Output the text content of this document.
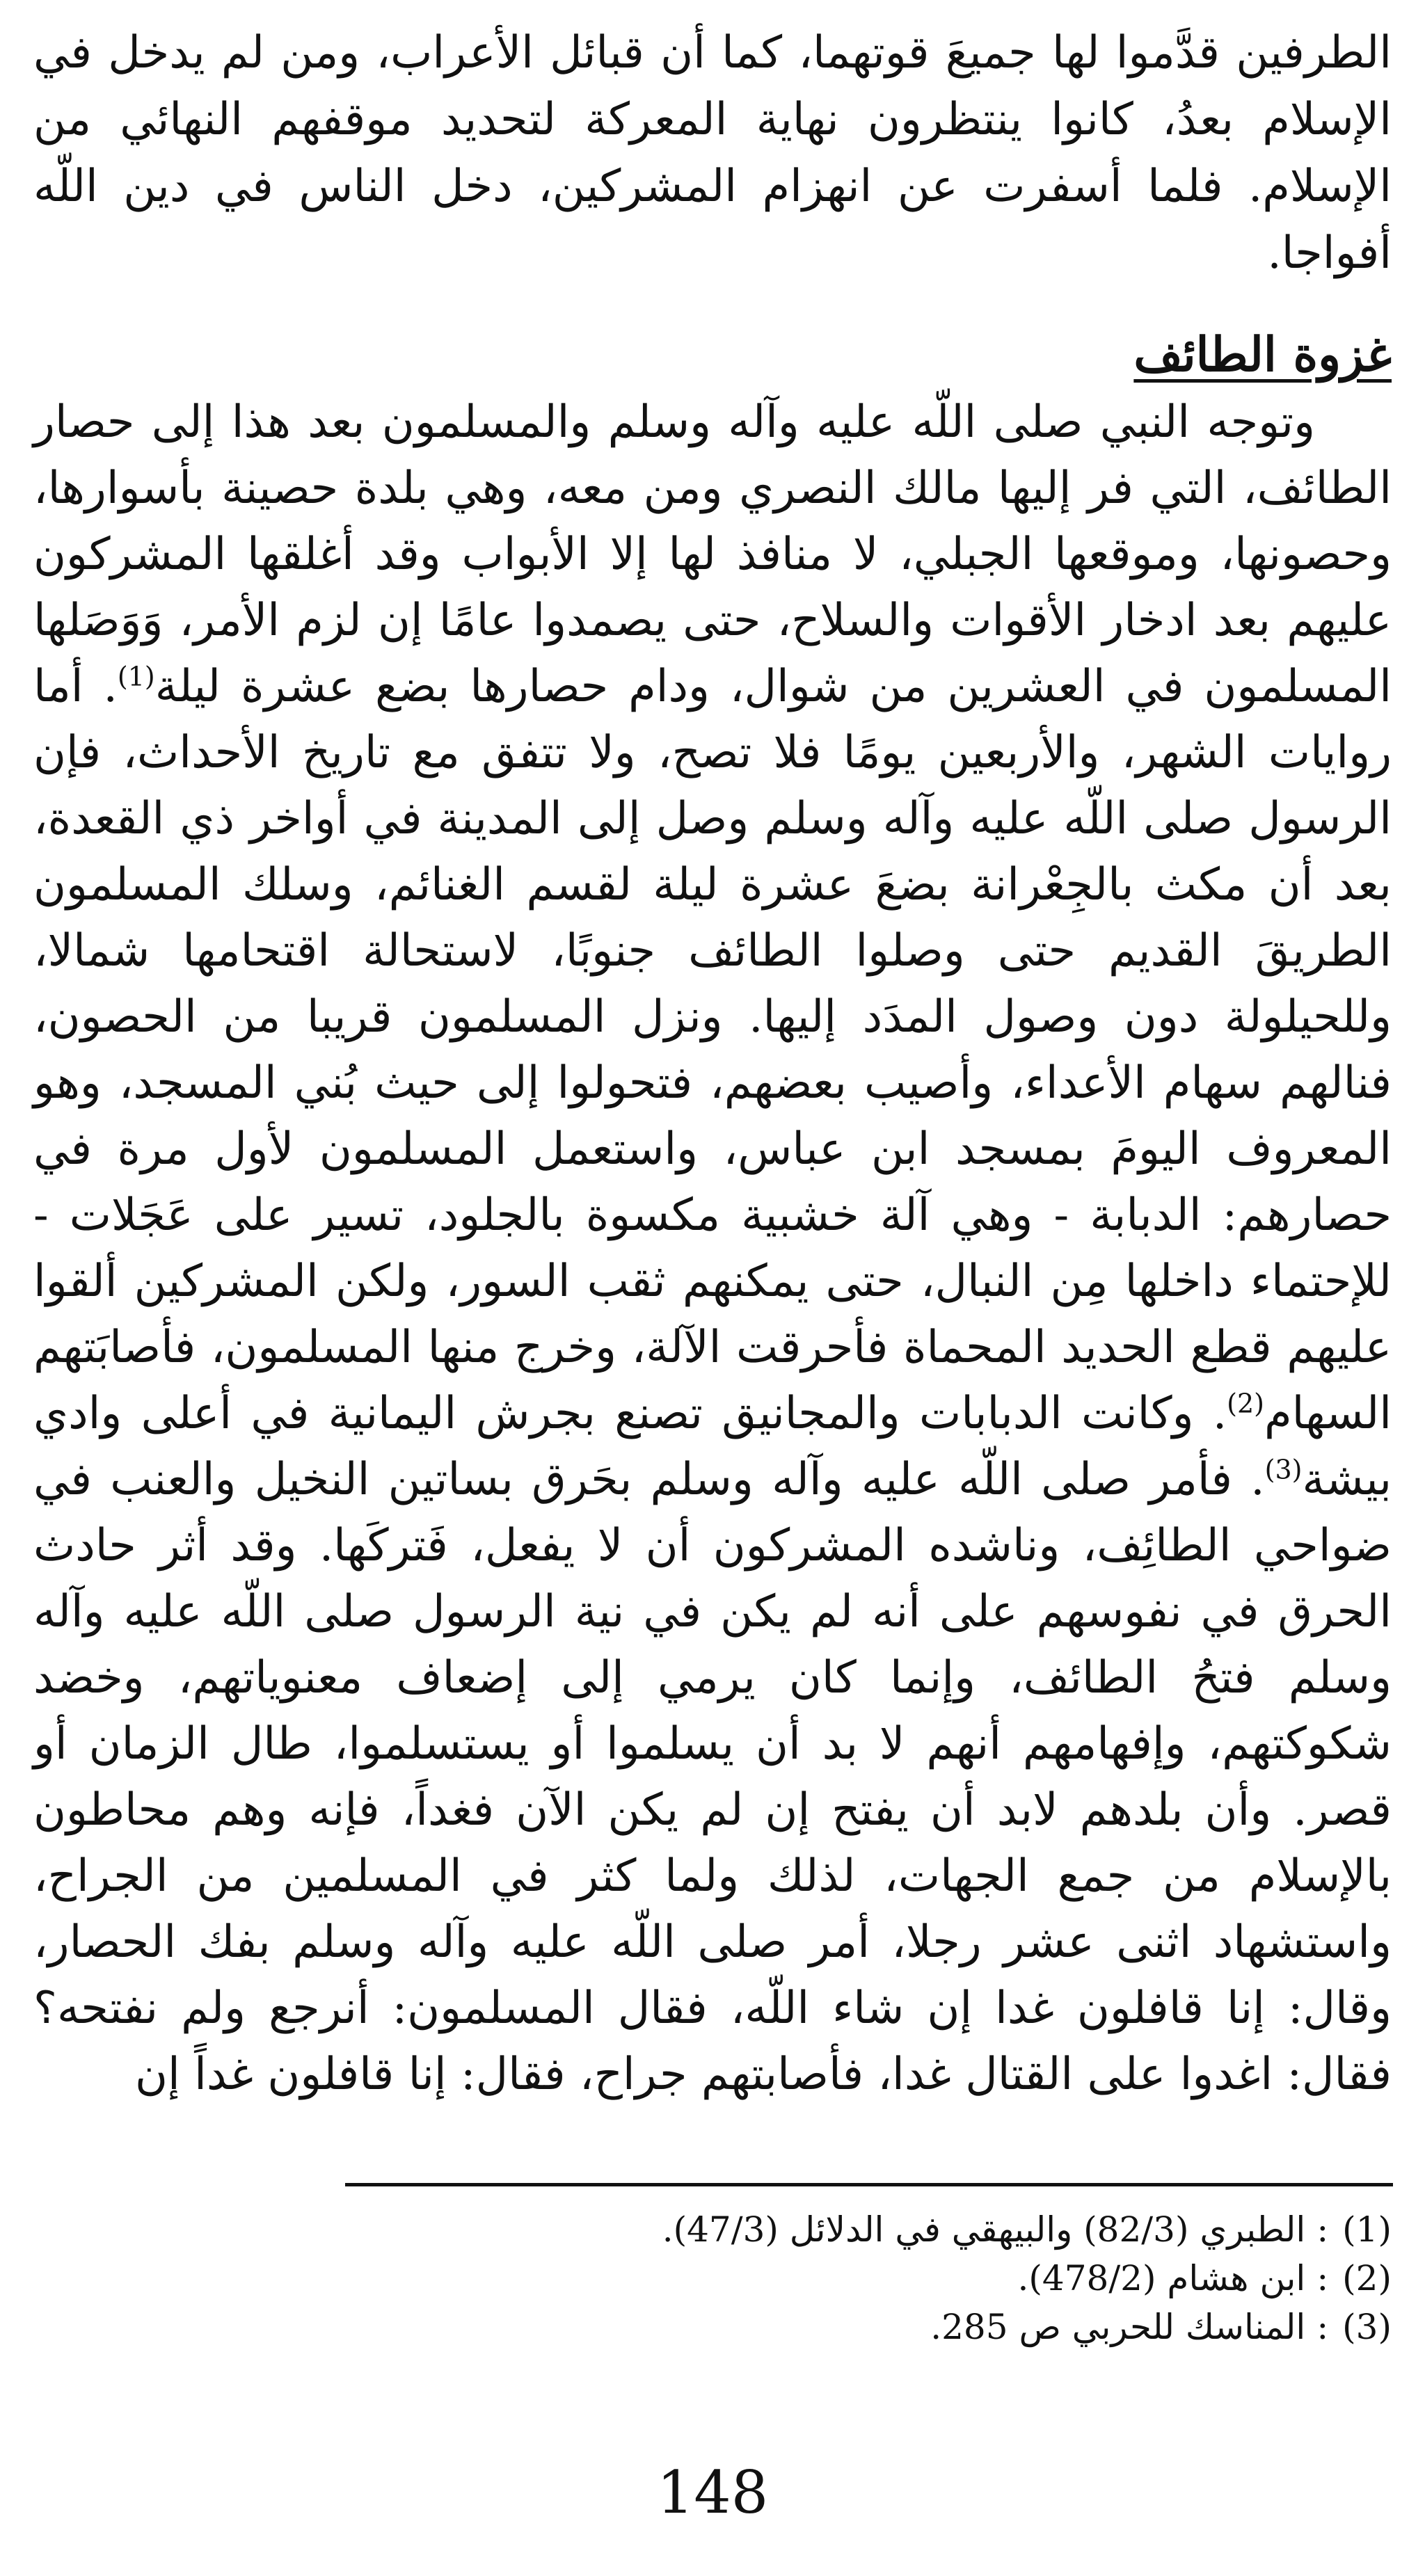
الطرفين قدَّموا لها جميعَ قوتهما، كما أن قبائل الأعراب، ومن لم يدخل في الإسلام بعدُ، كانوا ينتظرون نهاية المعركة لتحديد موقفهم النهائي من الإسلام. فلما أسفرت عن انهزام المشركين، دخل الناس في دين اللّه أفواجا.
غزوة الطائف
وتوجه النبي صلى اللّه عليه وآله وسلم والمسلمون بعد هذا إلى حصار الطائف، التي فر إليها مالك النصري ومن معه، وهي بلدة حصينة بأسوارها، وحصونها، وموقعها الجبلي، لا منافذ لها إلا الأبواب وقد أغلقها المشركون عليهم بعد ادخار الأقوات والسلاح، حتى يصمدوا عامًا إن لزم الأمر، وَوَصَلها المسلمون في العشرين من شوال، ودام حصارها بضع عشرة ليلة$^{(1)}$. أما روايات الشهر، والأربعين يومًا فلا تصح، ولا تتفق مع تاريخ الأحداث، فإن الرسول صلى اللّه عليه وآله وسلم وصل إلى المدينة في أواخر ذي القعدة، بعد أن مكث بالجِعْرانة بضعَ عشرة ليلة لقسم الغنائم، وسلك المسلمون الطريقَ القديم حتى وصلوا الطائف جنوبًا، لاستحالة اقتحامها شمالا، وللحيلولة دون وصول المدَد إليها. ونزل المسلمون قريبا من الحصون، فنالهم سهام الأعداء، وأصيب بعضهم، فتحولوا إلى حيث بُني المسجد، وهو المعروف اليومَ بمسجد ابن عباس، واستعمل المسلمون لأول مرة في حصارهم: الدبابة - وهي آلة خشبية مكسوة بالجلود، تسير على عَجَلات - للإحتماء داخلها مِن النبال، حتى يمكنهم ثقب السور، ولكن المشركين ألقوا عليهم قطع الحديد المحماة فأحرقت الآلة، وخرج منها المسلمون، فأصابَتهم السهام$^{(2)}$. وكانت الدبابات والمجانيق تصنع بجرش اليمانية في أعلى وادي بيشة$^{(3)}$. فأمر صلى اللّه عليه وآله وسلم بحَرق بساتين النخيل والعنب في ضواحي الطائِف، وناشده المشركون أن لا يفعل، فَتركَها. وقد أثر حادث الحرق في نفوسهم على أنه لم يكن في نية الرسول صلى اللّه عليه وآله وسلم فتحُ الطائف، وإنما كان يرمي إلى إضعاف معنوياتهم، وخضد شكوكتهم، وإفهامهم أنهم لا بد أن يسلموا أو يستسلموا، طال الزمان أو قصر. وأن بلدهم لابد أن يفتح إن لم يكن الآن فغداً، فإنه وهم محاطون بالإسلام من جمع الجهات، لذلك ولما كثر في المسلمين من الجراح، واستشهاد اثنى عشر رجلا، أمر صلى اللّه عليه وآله وسلم بفك الحصار، وقال: إنا قافلون غدا إن شاء اللّه، فقال المسلمون: أنرجع ولم نفتحه؟ فقال: اغدوا على القتال غدا، فأصابتهم جراح، فقال: إنا قافلون غداً إن
(1)
:
الطبري (82/3) والبيهقي في الدلائل (47/3).
(2)
:
ابن هشام (478/2).
(3)
:
المناسك للحربي ص 285.
148
